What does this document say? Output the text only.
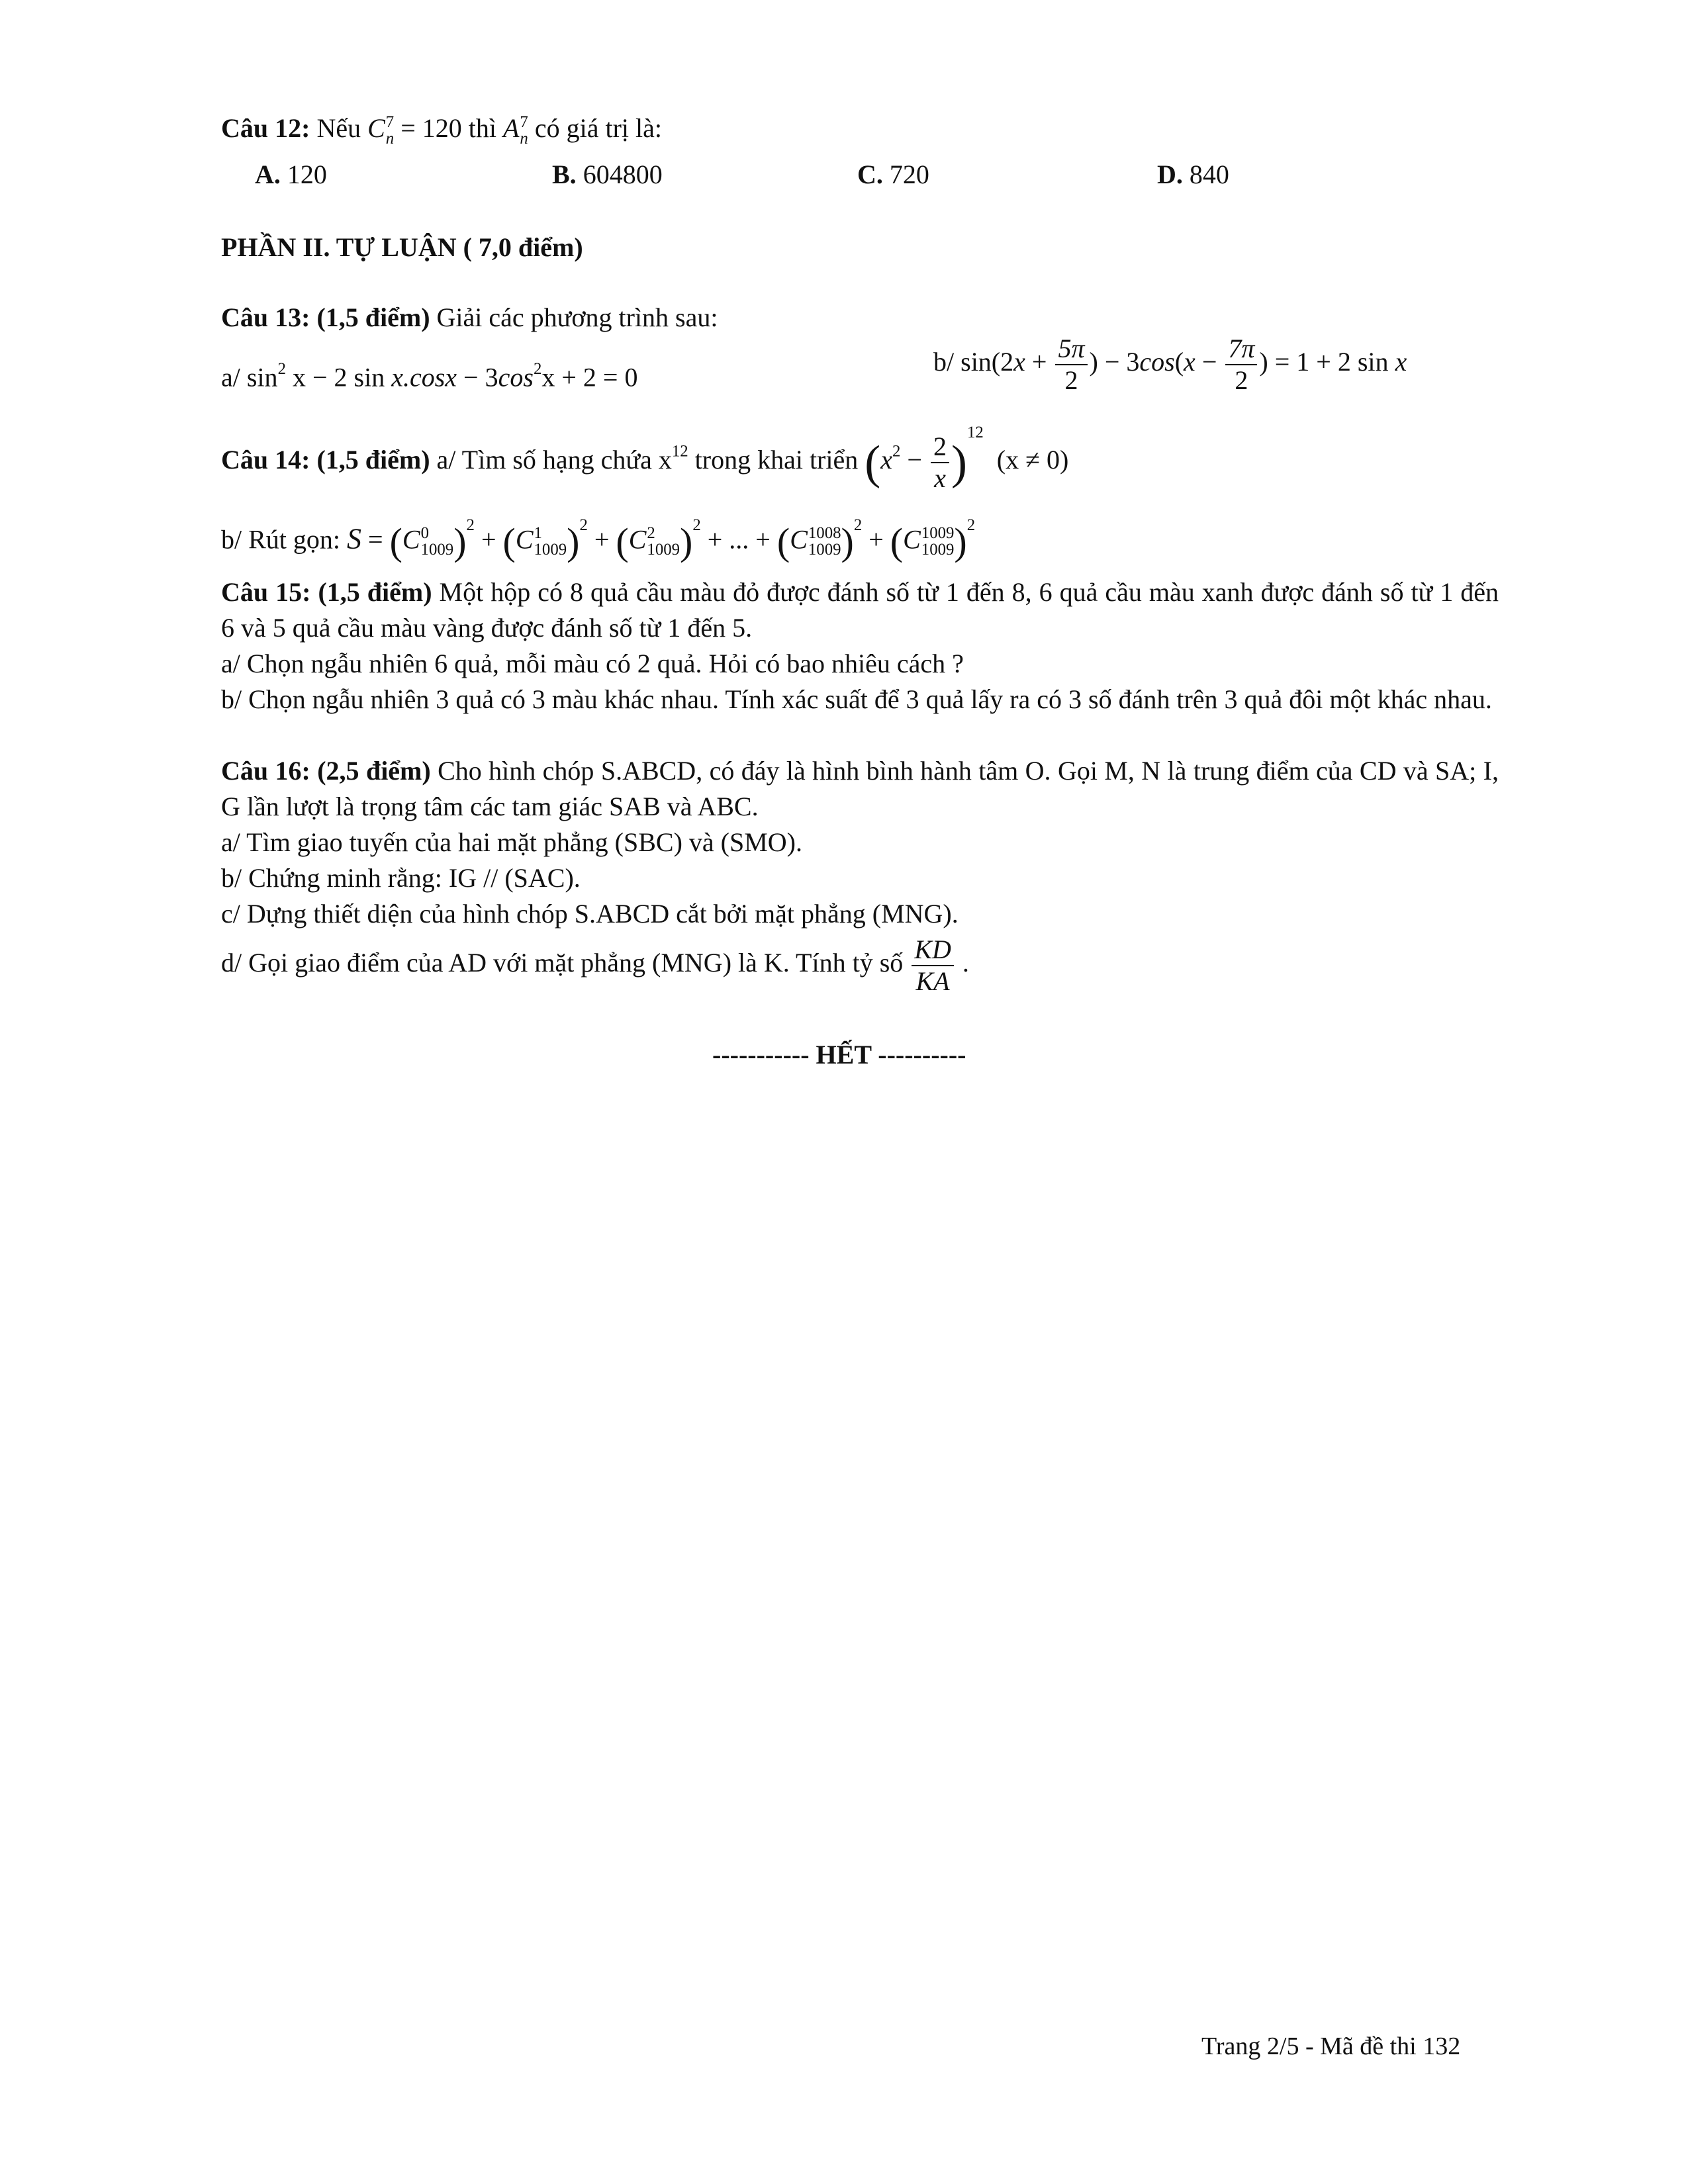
Câu 12: Nếu C 7
n = 120 thì A 7
n có giá trị là:
A. 120	B. 604800	C. 720	D. 840
PHẦN II. TỰ LUẬN ( 7,0 điểm)
Câu 13: (1,5 điểm) Giải các phương trình sau:
a/ $\sin^2 x - 2$ $\sin x.\cos x - 3\cos^2x + 2 = 0$
b/ $\sin(2x + \frac{5\pi}{2}$ ) − $3\cos(x - \frac{7\pi}{2}$ ) = 1 + 2 sin x
Câu 14: (1,5 điểm) a/ Tìm số hạng chứa $x^{12}$ trong khai triển $(x^2 - \frac{2}{x} )^{12}$  (x ≠ 0)
b/ Rút gọn: S = (C 0
1009 )$^2$ + (C 1
1009 )$^2$ + (C 2
1009 )$^2$ + ... + (C 1008
1009 )$^2$ + (C 1009
1009 )$^2$
Câu 15: (1,5 điểm) Một hộp có 8 quả cầu màu đỏ được đánh số từ 1 đến 8, 6 quả cầu màu xanh được đánh số từ 1 đến 6 và 5 quả cầu màu vàng được đánh số từ 1 đến 5.
a/ Chọn ngẫu nhiên 6 quả, mỗi màu có 2 quả. Hỏi có bao nhiêu cách ?
b/ Chọn ngẫu nhiên 3 quả có 3 màu khác nhau. Tính xác suất để 3 quả lấy ra có 3 số đánh trên 3 quả đôi một khác nhau.
Câu 16: (2,5 điểm) Cho hình chóp S.ABCD, có đáy là hình bình hành tâm O. Gọi M, N là trung điểm của CD và SA; I, G lần lượt là trọng tâm các tam giác SAB và ABC.
a/ Tìm giao tuyến của hai mặt phẳng (SBC) và (SMO).
b/ Chứng minh rằng: IG // (SAC).
c/ Dựng thiết diện của hình chóp S.ABCD cắt bởi mặt phẳng (MNG).
d/ Gọi giao điểm của AD với mặt phẳng (MNG) là K. Tính tỷ số $\frac{KD}{KA}$ .
----------- HẾT ----------
Trang 2/5 - Mã đề thi 132
